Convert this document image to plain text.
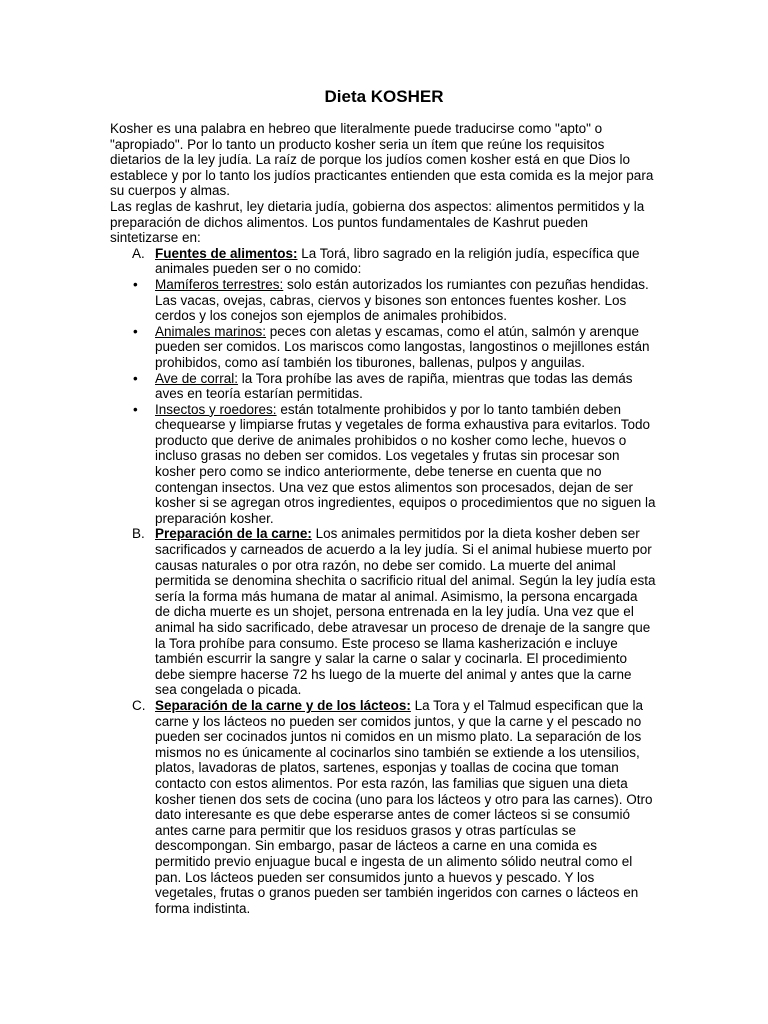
Dieta KOSHER

Kosher es una palabra en hebreo que literalmente puede traducirse como "apto" o "apropiado". Por lo tanto un producto kosher seria un ítem que reúne los requisitos dietarios de la ley judía. La raíz de porque los judíos comen kosher está en que Dios lo establece y por lo tanto los judíos practicantes entienden que esta comida es la mejor para su cuerpos y almas.

Las reglas de kashrut, ley dietaria judía, gobierna dos aspectos: alimentos permitidos y la preparación de dichos alimentos. Los puntos fundamentales de Kashrut pueden sintetizarse en:

A. Fuentes de alimentos: La Torá, libro sagrado en la religión judía, específica que animales pueden ser o no comido:
• Mamíferos terrestres: solo están autorizados los rumiantes con pezuñas hendidas. Las vacas, ovejas, cabras, ciervos y bisones son entonces fuentes kosher. Los cerdos y los conejos son ejemplos de animales prohibidos.
• Animales marinos: peces con aletas y escamas, como el atún, salmón y arenque pueden ser comidos. Los mariscos como langostas, langostinos o mejillones están prohibidos, como así también los tiburones, ballenas, pulpos y anguilas.
• Ave de corral: la Tora prohíbe las aves de rapiña, mientras que todas las demás aves en teoría estarían permitidas.
• Insectos y roedores: están totalmente prohibidos y por lo tanto también deben chequearse y limpiarse frutas y vegetales de forma exhaustiva para evitarlos. Todo producto que derive de animales prohibidos o no kosher como leche, huevos o incluso grasas no deben ser comidos. Los vegetales y frutas sin procesar son kosher pero como se indico anteriormente, debe tenerse en cuenta que no contengan insectos. Una vez que estos alimentos son procesados, dejan de ser kosher si se agregan otros ingredientes, equipos o procedimientos que no siguen la preparación kosher.
B. Preparación de la carne: Los animales permitidos por la dieta kosher deben ser sacrificados y carneados de acuerdo a la ley judía. Si el animal hubiese muerto por causas naturales o por otra razón, no debe ser comido. La muerte del animal permitida se denomina shechita o sacrificio ritual del animal. Según la ley judía esta sería la forma más humana de matar al animal. Asimismo, la persona encargada de dicha muerte es un shojet, persona entrenada en la ley judía. Una vez que el animal ha sido sacrificado, debe atravesar un proceso de drenaje de la sangre que la Tora prohíbe para consumo. Este proceso se llama kasherización e incluye también escurrir la sangre y salar la carne o salar y cocinarla. El procedimiento debe siempre hacerse 72 hs luego de la muerte del animal y antes que la carne sea congelada o picada.
C. Separación de la carne y de los lácteos: La Tora y el Talmud especifican que la carne y los lácteos no pueden ser comidos juntos, y que la carne y el pescado no pueden ser cocinados juntos ni comidos en un mismo plato. La separación de los mismos no es únicamente al cocinarlos sino también se extiende a los utensilios, platos, lavadoras de platos, sartenes, esponjas y toallas de cocina que toman contacto con estos alimentos. Por esta razón, las familias que siguen una dieta kosher tienen dos sets de cocina (uno para los lácteos y otro para las carnes). Otro dato interesante es que debe esperarse antes de comer lácteos si se consumió antes carne para permitir que los residuos grasos y otras partículas se descompongan. Sin embargo, pasar de lácteos a carne en una comida es permitido previo enjuague bucal e ingesta de un alimento sólido neutral como el pan. Los lácteos pueden ser consumidos junto a huevos y pescado. Y los vegetales, frutas o granos pueden ser también ingeridos con carnes o lácteos en forma indistinta.
